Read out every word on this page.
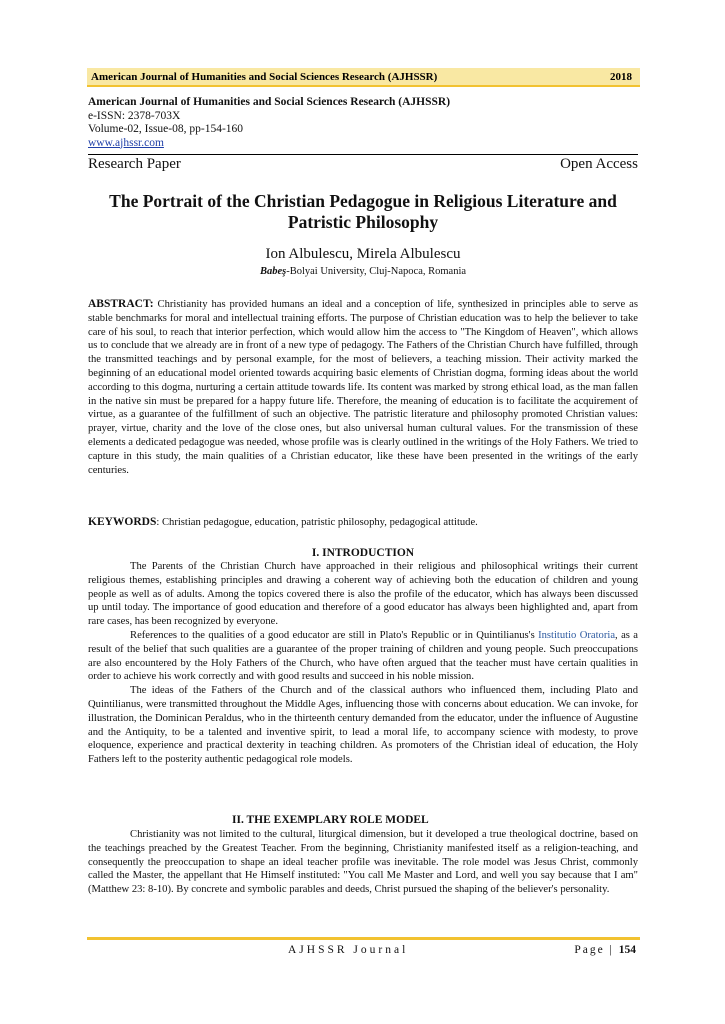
American Journal of Humanities and Social Sciences Research (AJHSSR)	2018
American Journal of Humanities and Social Sciences Research (AJHSSR)
e-ISSN: 2378-703X
Volume-02, Issue-08, pp-154-160
www.ajhssr.com
Research Paper	Open Access
The Portrait of the Christian Pedagogue in Religious Literature and Patristic Philosophy
Ion Albulescu, Mirela Albulescu
Babeş-Bolyai University, Cluj-Napoca, Romania

ABSTRACT: Christianity has provided humans an ideal and a conception of life, synthesized in principles able to serve as stable benchmarks for moral and intellectual training efforts. The purpose of Christian education was to help the believer to take care of his soul, to reach that interior perfection, which would allow him the access to "The Kingdom of Heaven", which allows us to conclude that we already are in front of a new type of pedagogy. The Fathers of the Christian Church have fulfilled, through the transmitted teachings and by personal example, for the most of believers, a teaching mission. Their activity marked the beginning of an educational model oriented towards acquiring basic elements of Christian dogma, forming ideas about the world according to this dogma, nurturing a certain attitude towards life. Its content was marked by strong ethical load, as the man fallen in the native sin must be prepared for a happy future life. Therefore, the meaning of education is to facilitate the acquirement of virtue, as a guarantee of the fulfillment of such an objective. The patristic literature and philosophy promoted Christian values: prayer, virtue, charity and the love of the close ones, but also universal human cultural values. For the transmission of these elements a dedicated pedagogue was needed, whose profile was is clearly outlined in the writings of the Holy Fathers. We tried to capture in this study, the main qualities of a Christian educator, like these have been presented in the writings of the early centuries.

KEYWORDS: Christian pedagogue, education, patristic philosophy, pedagogical attitude.

I. INTRODUCTION

The Parents of the Christian Church have approached in their religious and philosophical writings their current religious themes, establishing principles and drawing a coherent way of achieving both the education of children and young people as well as of adults. Among the topics covered there is also the profile of the educator, which has always been discussed up until today. The importance of good education and therefore of a good educator has always been highlighted and, apart from rare cases, has been recognized by everyone.

References to the qualities of a good educator are still in Plato's Republic or in Quintilianus's Institutio Oratoria, as a result of the belief that such qualities are a guarantee of the proper training of children and young people. Such preoccupations are also encountered by the Holy Fathers of the Church, who have often argued that the teacher must have certain qualities in order to achieve his work correctly and with good results and succeed in his noble mission.

The ideas of the Fathers of the Church and of the classical authors who influenced them, including Plato and Quintilianus, were transmitted throughout the Middle Ages, influencing those with concerns about education. We can invoke, for illustration, the Dominican Peraldus, who in the thirteenth century demanded from the educator, under the influence of Augustine and the Antiquity, to be a talented and inventive spirit, to lead a moral life, to accompany science with modesty, to prove eloquence, experience and practical dexterity in teaching children. As promoters of the Christian ideal of education, the Holy Fathers left to the posterity authentic pedagogical role models.

II. THE EXEMPLARY ROLE MODEL

Christianity was not limited to the cultural, liturgical dimension, but it developed a true theological doctrine, based on the teachings preached by the Greatest Teacher. From the beginning, Christianity manifested itself as a religion-teaching, and consequently the preoccupation to shape an ideal teacher profile was inevitable. The role model was Jesus Christ, commonly called the Master, the appellant that He Himself instituted: "You call Me Master and Lord, and well you say because that I am" (Matthew 23: 8-10). By concrete and symbolic parables and deeds, Christ pursued the shaping of the believer's personality.

AJHSSR Journal	Page | 154
